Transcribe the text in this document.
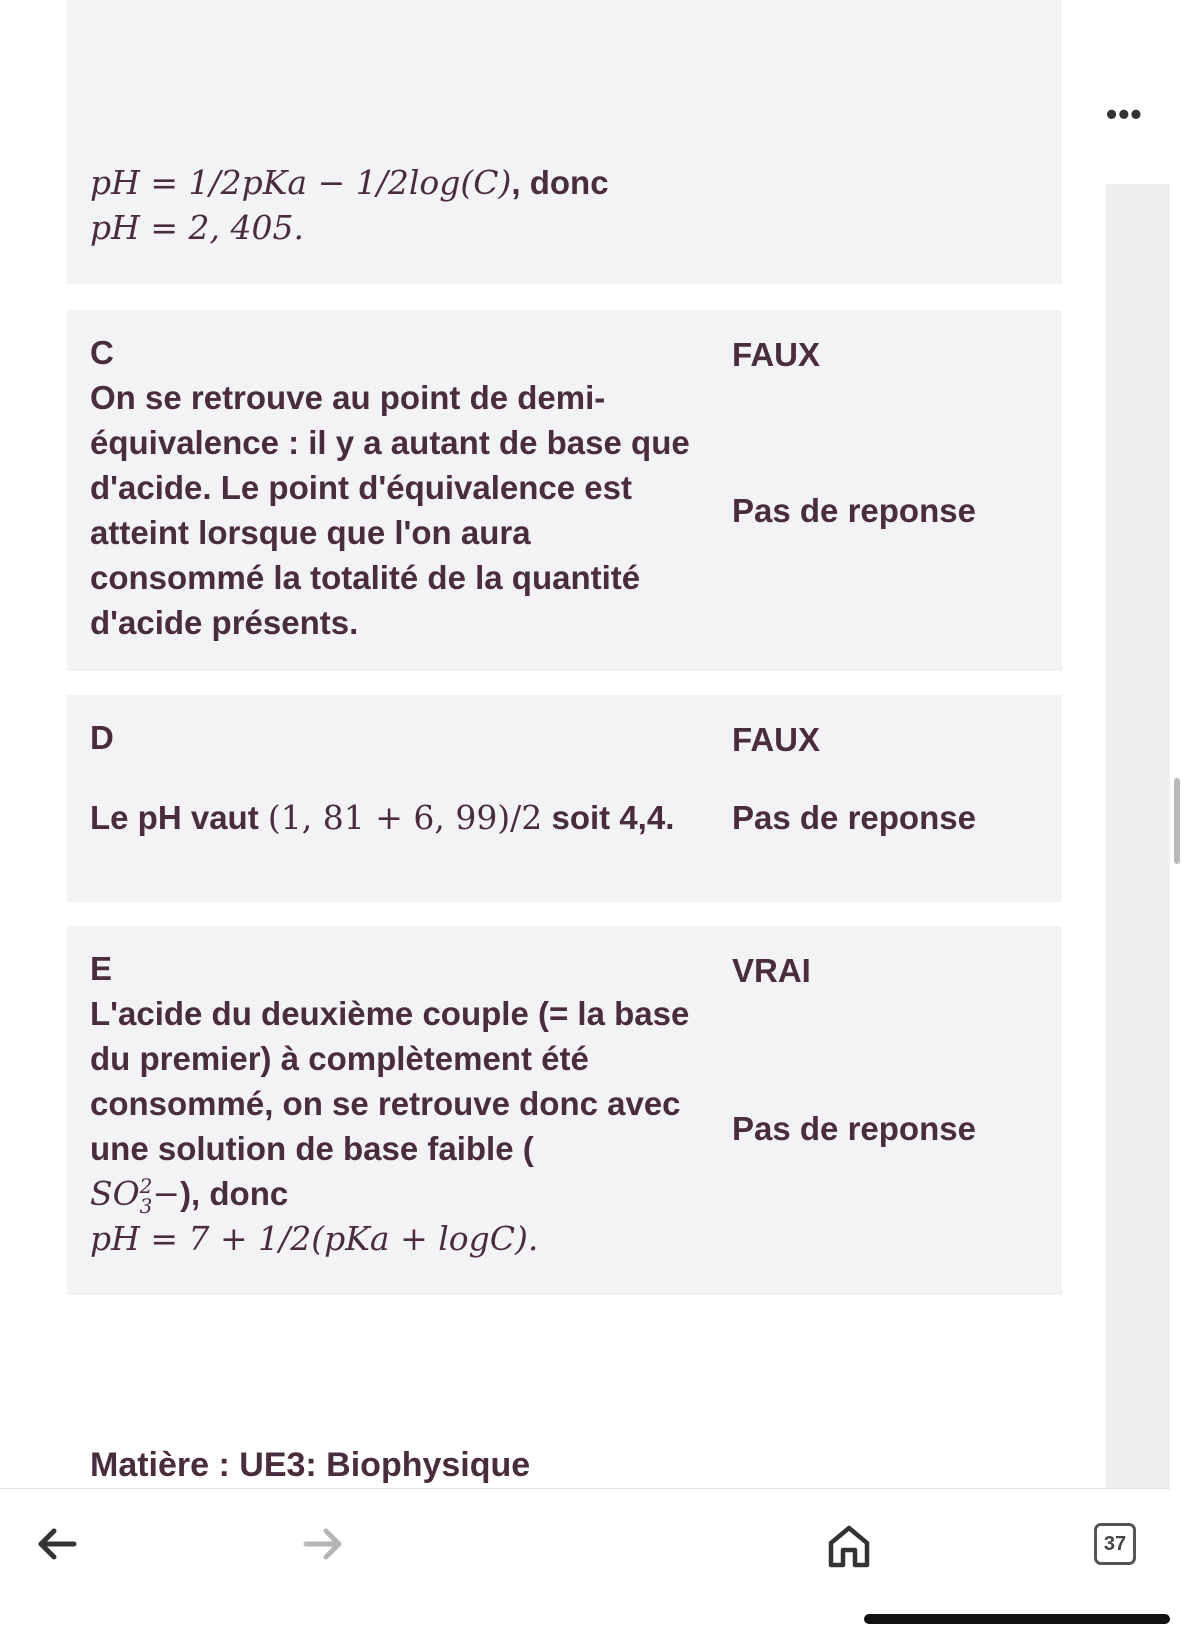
•••
pH = 1/2pKa − 1/2log(C), donc
pH = 2, 405.
C
On se retrouve au point de demi-équivalence : il y a autant de base que d'acide. Le point d'équivalence est atteint lorsque que l'on aura consommé la totalité de la quantité d'acide présents.
FAUX
Pas de reponse
D
Le pH vaut (1, 81 + 6, 99)/2 soit 4,4.
FAUX
Pas de reponse
E
L'acide du deuxième couple (= la base du premier) à complètement été consommé, on se retrouve donc avec une solution de base faible (
SO 2
3 −), donc
pH = 7 + 1/2(pKa + logC).
VRAI
Pas de reponse
Matière : UE3: Biophysique
37
